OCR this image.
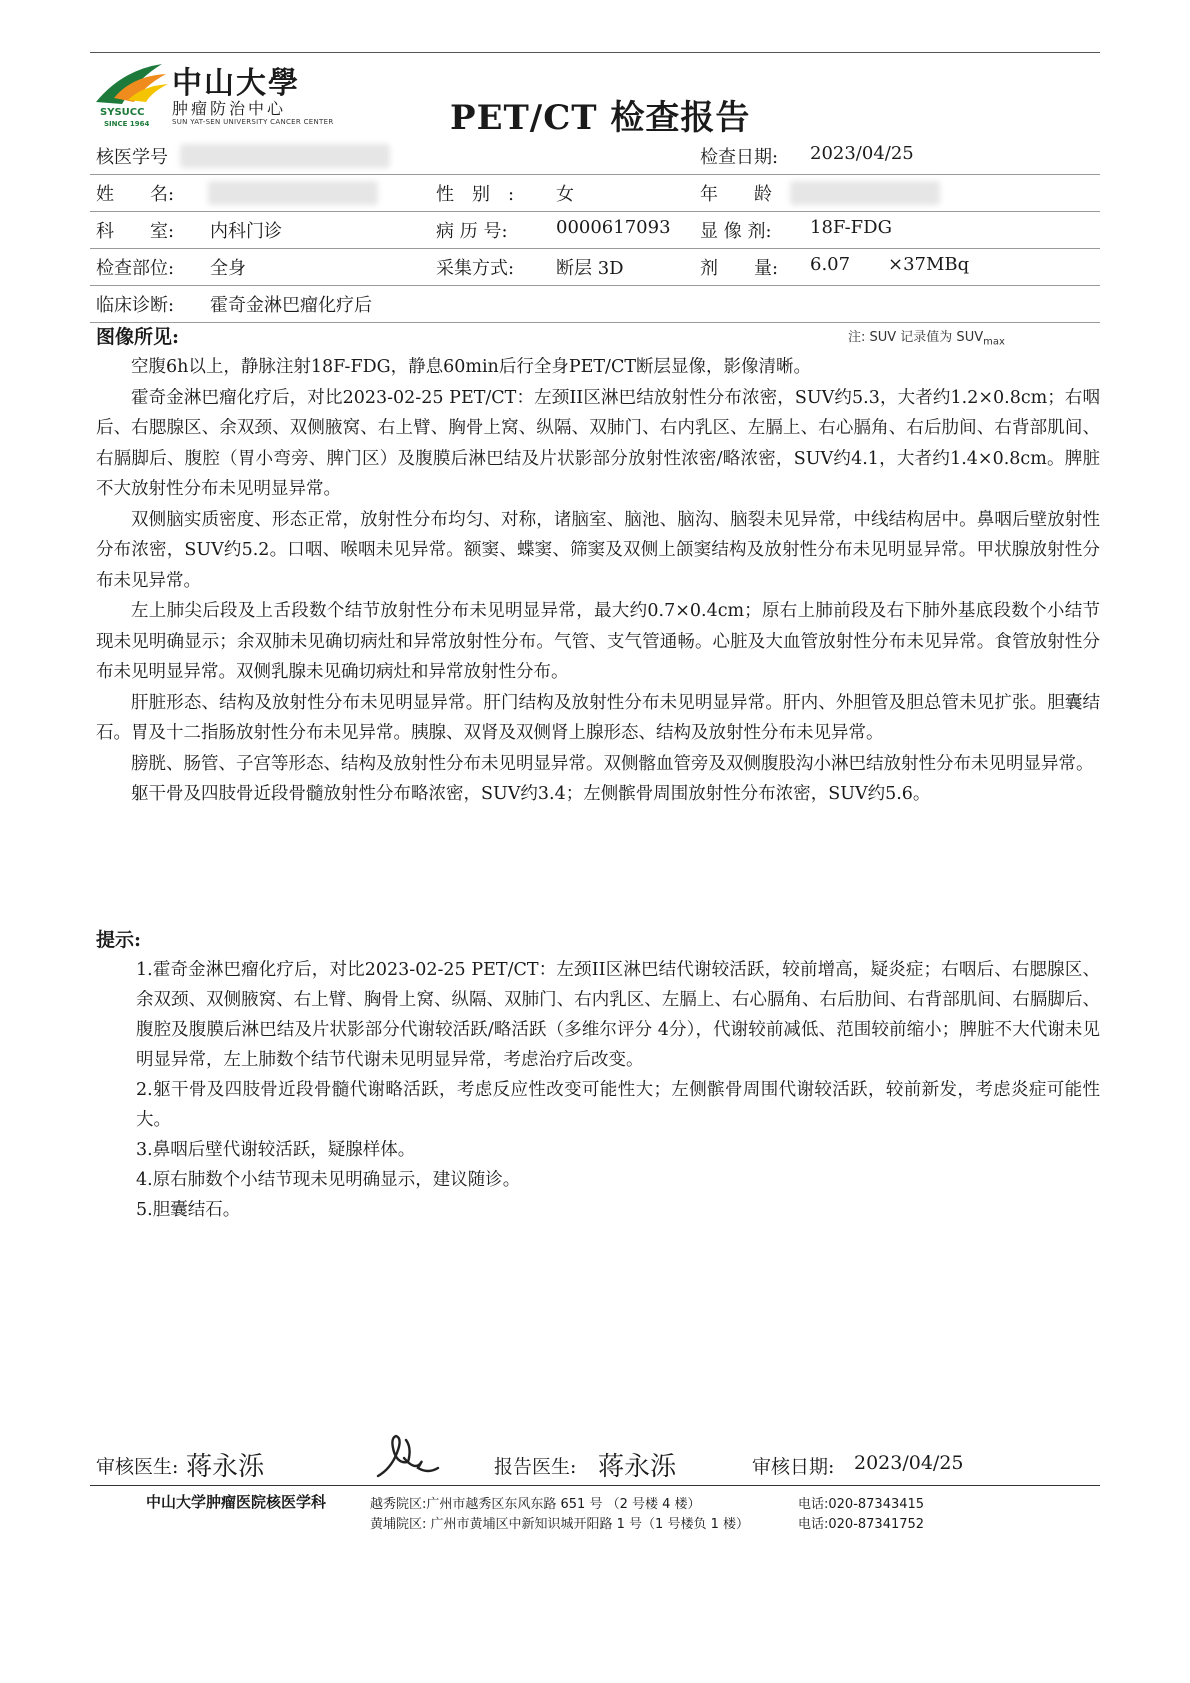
SYSUCC
SINCE 1964
中山大學
肿瘤防治中心
SUN YAT-SEN UNIVERSITY CANCER CENTER	PET/CT 检查报告
核医学号	检查日期: 2023/04/25
姓　　名:	性　别　: 女	年　　龄
科　　室: 内科门诊	病 历 号:	0000617093 显 像 剂: 18F-FDG
检查部位: 全身	采集方式: 断层 3D	剂　　量: 6.07 ×37MBq
临床诊断: 霍奇金淋巴瘤化疗后
图像所见:	注: SUV 记录值为 $SUV_{max}$

空腹6h以上，静脉注射18F-FDG，静息60min后行全身PET/CT断层显像，影像清晰。

霍奇金淋巴瘤化疗后，对比2023-02-25 PET/CT：左颈II区淋巴结放射性分布浓密，SUV约5.3，大者约1.2×0.8cm；右咽后、右腮腺区、余双颈、双侧腋窝、右上臂、胸骨上窝、纵隔、双肺门、右内乳区、左膈上、右心膈角、右后肋间、右背部肌间、右膈脚后、腹腔（胃小弯旁、脾门区）及腹膜后淋巴结及片状影部分放射性浓密/略浓密，SUV约4.1，大者约1.4×0.8cm。脾脏不大放射性分布未见明显异常。

双侧脑实质密度、形态正常，放射性分布均匀、对称，诸脑室、脑池、脑沟、脑裂未见异常，中线结构居中。鼻咽后壁放射性分布浓密，SUV约5.2。口咽、喉咽未见异常。额窦、蝶窦、筛窦及双侧上颌窦结构及放射性分布未见明显异常。甲状腺放射性分布未见异常。

左上肺尖后段及上舌段数个结节放射性分布未见明显异常，最大约0.7×0.4cm；原右上肺前段及右下肺外基底段数个小结节现未见明确显示；余双肺未见确切病灶和异常放射性分布。气管、支气管通畅。心脏及大血管放射性分布未见异常。食管放射性分布未见明显异常。双侧乳腺未见确切病灶和异常放射性分布。

肝脏形态、结构及放射性分布未见明显异常。肝门结构及放射性分布未见明显异常。肝内、外胆管及胆总管未见扩张。胆囊结石。胃及十二指肠放射性分布未见异常。胰腺、双肾及双侧肾上腺形态、结构及放射性分布未见异常。

膀胱、肠管、子宫等形态、结构及放射性分布未见明显异常。双侧髂血管旁及双侧腹股沟小淋巴结放射性分布未见明显异常。

躯干骨及四肢骨近段骨髓放射性分布略浓密，SUV约3.4；左侧髌骨周围放射性分布浓密，SUV约5.6。

提示:

1.霍奇金淋巴瘤化疗后，对比2023-02-25 PET/CT：左颈II区淋巴结代谢较活跃，较前增高，疑炎症；右咽后、右腮腺区、余双颈、双侧腋窝、右上臂、胸骨上窝、纵隔、双肺门、右内乳区、左膈上、右心膈角、右后肋间、右背部肌间、右膈脚后、腹腔及腹膜后淋巴结及片状影部分代谢较活跃/略活跃（多维尔评分 4分），代谢较前减低、范围较前缩小；脾脏不大代谢未见明显异常，左上肺数个结节代谢未见明显异常，考虑治疗后改变。

2.躯干骨及四肢骨近段骨髓代谢略活跃，考虑反应性改变可能性大；左侧髌骨周围代谢较活跃，较前新发，考虑炎症可能性大。

3.鼻咽后壁代谢较活跃，疑腺样体。

4.原右肺数个小结节现未见明确显示，建议随诊。

5.胆囊结石。

审核医生: 蒋永泺	报告医生: 蒋永泺	审核日期: 2023/04/25
中山大学肿瘤医院核医学科	越秀院区:广州市越秀区东风东路 651 号 （2 号楼 4 楼）	电话:020-87343415
黄埔院区: 广州市黄埔区中新知识城开阳路 1 号（1 号楼负 1 楼）	电话:020-87341752
